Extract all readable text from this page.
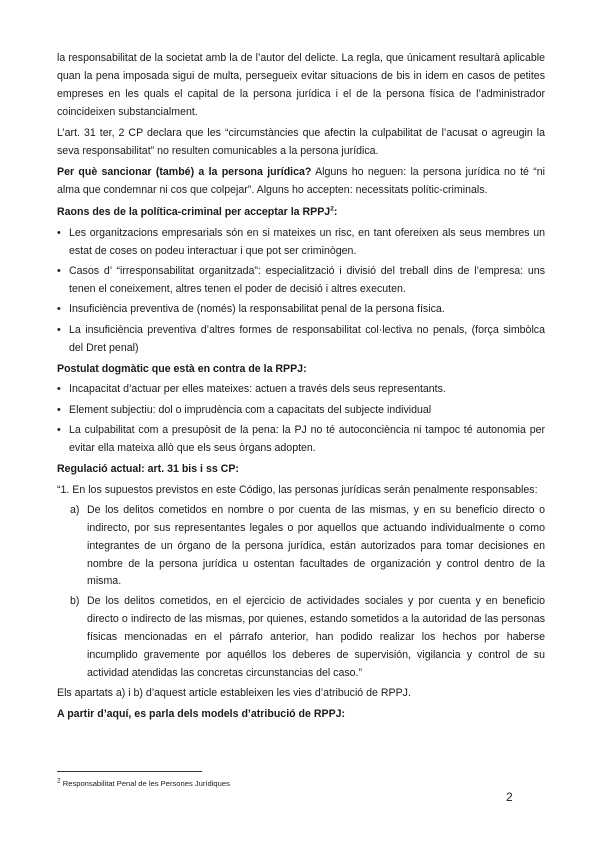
la responsabilitat de la societat amb la de l’autor del delicte. La regla, que únicament resultarà aplicable quan la pena imposada sigui de multa, persegueix evitar situacions de bis in idem en casos de petites empreses en les quals el capital de la persona jurídica i el de la persona física de l’administrador coincideixen substancialment.

L’art. 31 ter, 2 CP declara que les “circumstàncies que afectin la culpabilitat de l’acusat o agreugin la seva responsabilitat” no resulten comunicables a la persona jurídica.

Per què sancionar (també) a la persona jurídica? Alguns ho neguen: la persona jurídica no té “ni alma que condemnar ni cos que colpejar”. Alguns ho accepten: necessitats polític-criminals.

Raons des de la política-criminal per acceptar la RPPJ$^2$:

• Les organitzacions empresarials són en si mateixes un risc, en tant ofereixen als seus membres un estat de coses on podeu interactuar i que pot ser criminògen.
• Casos d’ “irresponsabilitat organitzada”: especialització i divisió del treball dins de l’empresa: uns tenen el coneixement, altres tenen el poder de decisió i altres executen.
• Insuficiència preventiva de (només) la responsabilitat penal de la persona física.
• La insuficiència preventiva d’altres formes de responsabilitat col·lectiva no penals, (força simbòlca del Dret penal)

Postulat dogmàtic que està en contra de la RPPJ:

• Incapacitat d’actuar per elles mateixes: actuen a través dels seus representants.
• Element subjectiu: dol o imprudència com a capacitats del subjecte individual
• La culpabilitat com a presupòsit de la pena: la PJ no té autoconciència ni tampoc té autonomia per evitar ella mateixa allò que els seus òrgans adopten.

Regulació actual: art. 31 bis i ss CP:

“1. En los supuestos previstos en este Código, las personas jurídicas serán penalmente responsables:

a) De los delitos cometidos en nombre o por cuenta de las mismas, y en su beneficio directo o indirecto, por sus representantes legales o por aquellos que actuando individualmente o como integrantes de un órgano de la persona jurídica, están autorizados para tomar decisiones en nombre de la persona jurídica u ostentan facultades de organización y control dentro de la misma.
b) De los delitos cometidos, en el ejercicio de actividades sociales y por cuenta y en beneficio directo o indirecto de las mismas, por quienes, estando sometidos a la autoridad de las personas físicas mencionadas en el párrafo anterior, han podido realizar los hechos por haberse incumplido gravemente por aquéllos los deberes de supervisión, vigilancia y control de su actividad atendidas las concretas circunstancias del caso.”

Els apartats a) i b) d’aquest article estableixen les vies d’atribució de RPPJ.

A partir d’aquí, es parla dels models d’atribució de RPPJ:

$^2$ Responsabilitat Penal de les Persones Jurídiques
2
